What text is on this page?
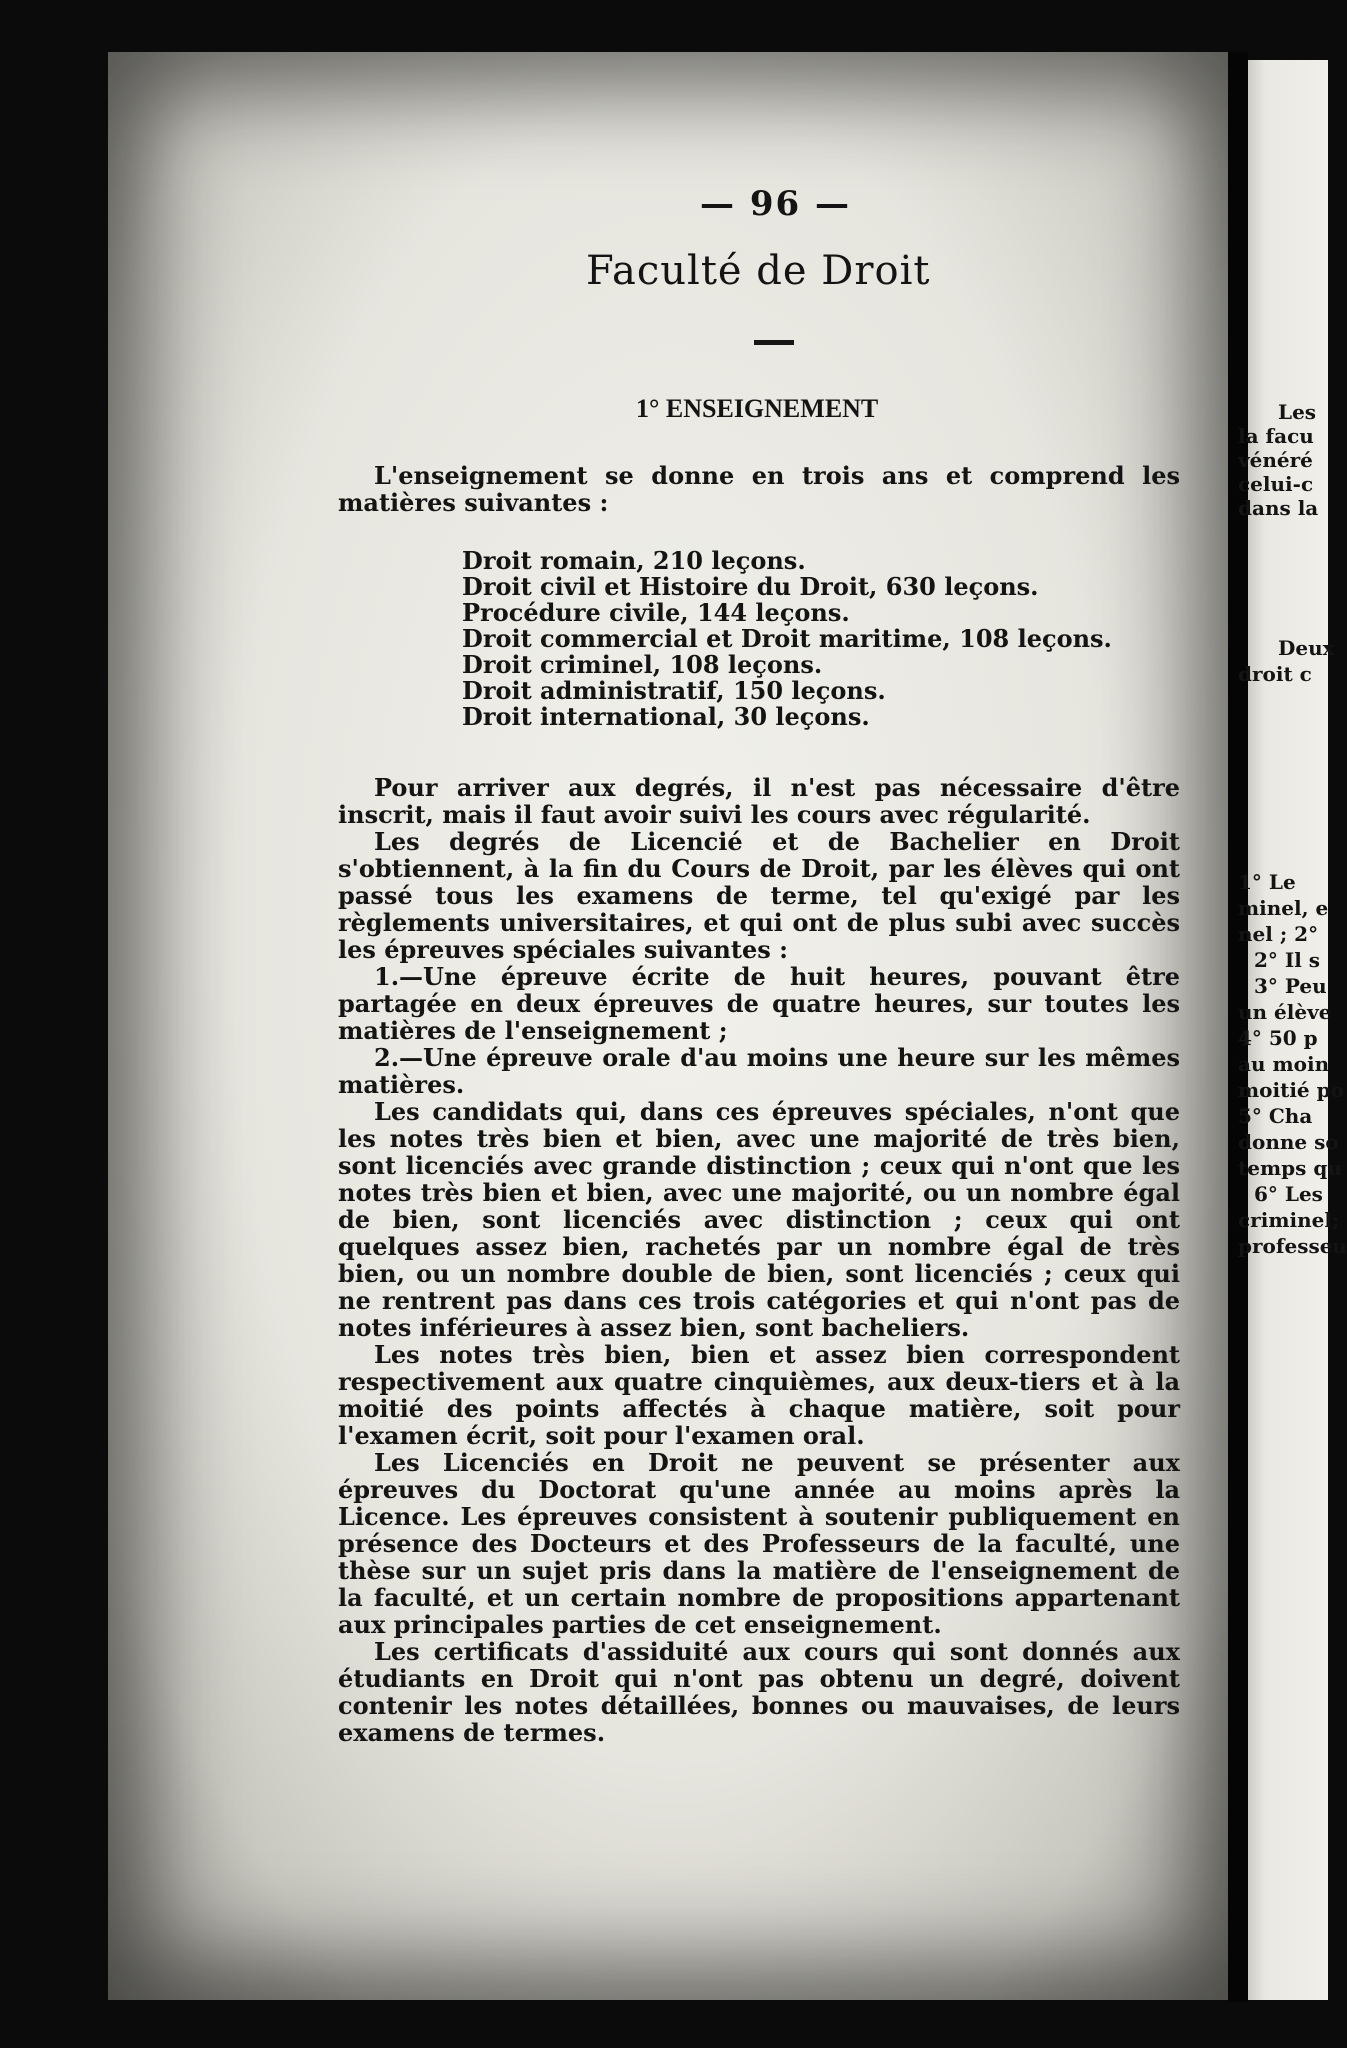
— 96 —
Faculté de Droit
1° ENSEIGNEMENT

L'enseignement se donne en trois ans et comprend les matières suivantes :

Droit romain, 210 leçons.
Droit civil et Histoire du Droit, 630 leçons.
Procédure civile, 144 leçons.
Droit commercial et Droit maritime, 108 leçons.
Droit criminel, 108 leçons.
Droit administratif, 150 leçons.
Droit international, 30 leçons.

Pour arriver aux degrés, il n'est pas nécessaire d'être inscrit, mais il faut avoir suivi les cours avec régularité.

Les degrés de Licencié et de Bachelier en Droit s'obtiennent, à la fin du Cours de Droit, par les élèves qui ont passé tous les examens de terme, tel qu'exigé par les règlements universitaires, et qui ont de plus subi avec succès les épreuves spéciales suivantes :

1.—Une épreuve écrite de huit heures, pouvant être partagée en deux épreuves de quatre heures, sur toutes les matières de l'enseignement ;

2.—Une épreuve orale d'au moins une heure sur les mêmes matières.

Les candidats qui, dans ces épreuves spéciales, n'ont que les notes très bien et bien, avec une majorité de très bien, sont licenciés avec grande distinction ; ceux qui n'ont que les notes très bien et bien, avec une majorité, ou un nombre égal de bien, sont licenciés avec distinction ; ceux qui ont quelques assez bien, rachetés par un nombre égal de très bien, ou un nombre double de bien, sont licenciés ; ceux qui ne rentrent pas dans ces trois catégories et qui n'ont pas de notes inférieures à assez bien, sont bacheliers.

Les notes très bien, bien et assez bien correspondent respectivement aux quatre cinquièmes, aux deux-tiers et à la moitié des points affectés à chaque matière, soit pour l'examen écrit, soit pour l'examen oral.

Les Licenciés en Droit ne peuvent se présenter aux épreuves du Doctorat qu'une année au moins après la Licence. Les épreuves consistent à soutenir publiquement en présence des Docteurs et des Professeurs de la faculté, une thèse sur un sujet pris dans la matière de l'enseignement de la faculté, et un certain nombre de propositions appartenant aux principales parties de cet enseignement.

Les certificats d'assiduité aux cours qui sont donnés aux étudiants en Droit qui n'ont pas obtenu un degré, doivent contenir les notes détaillées, bonnes ou mauvaises, de leurs examens de termes.

Les
la facu
vénéré
celui-c
dans la
Deux
droit c
1° Le
minel, e
nel ; 2°
2° Il s
3° Peu
un élève
4° 50 p
au moin
moitié po
5° Cha
donne so
temps qu
6° Les
criminel;
professeu
